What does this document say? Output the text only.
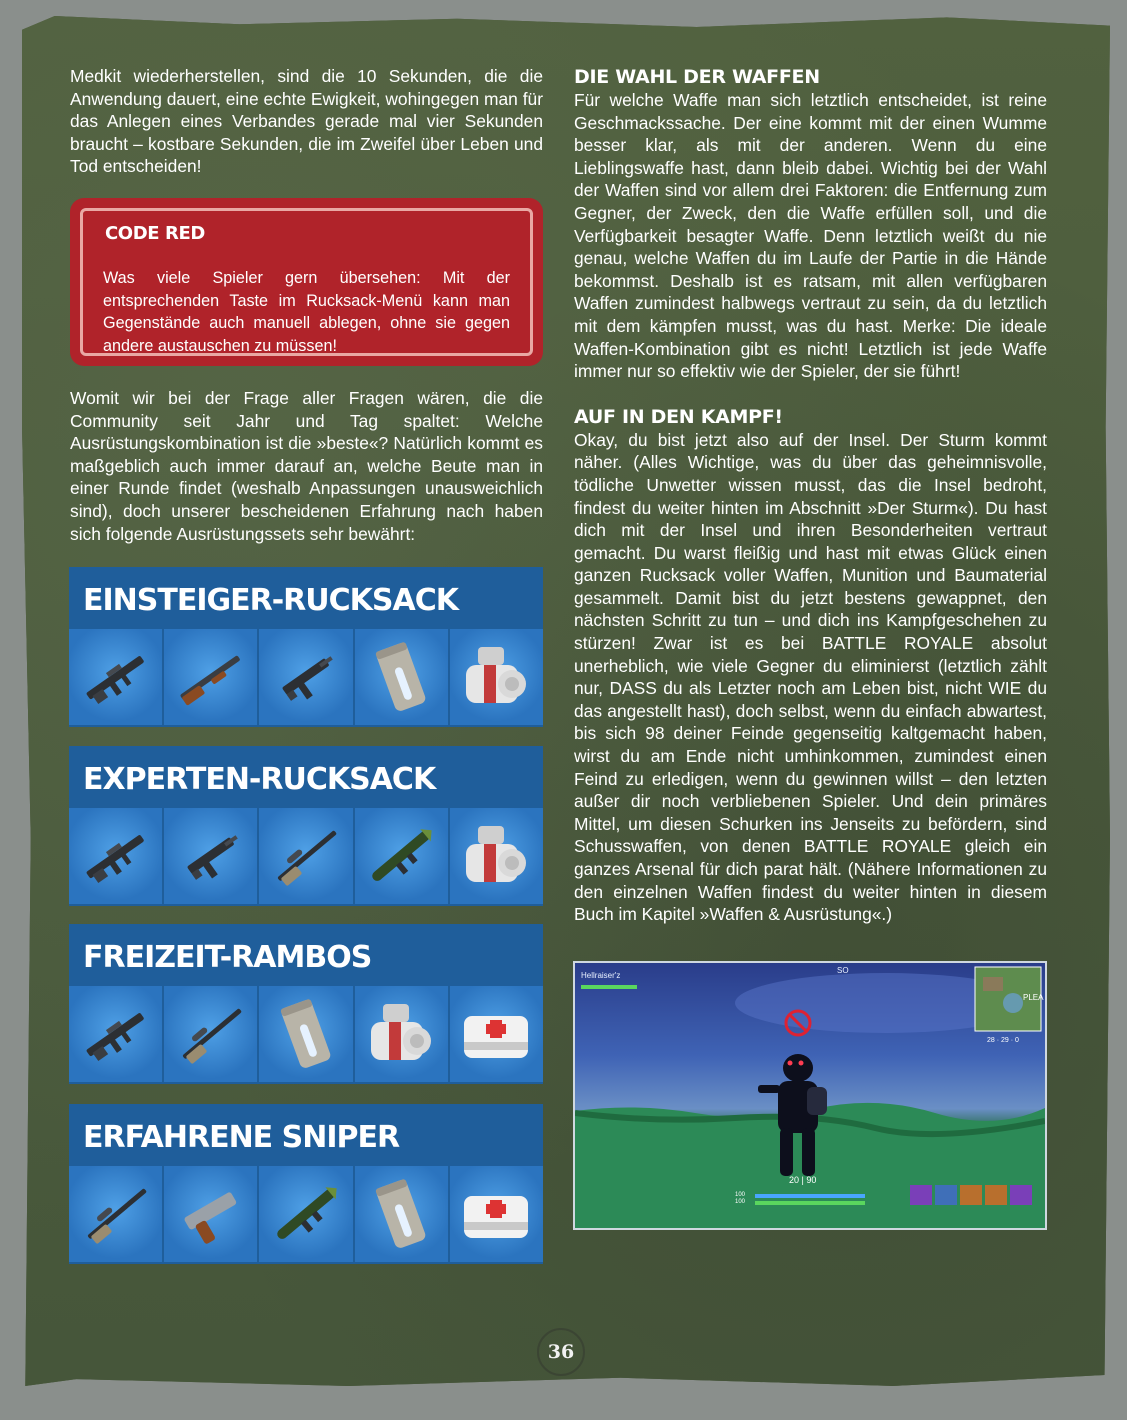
Medkit wiederherstellen, sind die 10 Sekunden, die die Anwendung dauert, eine echte Ewigkeit, wohingegen man für das Anlegen eines Verbandes gerade mal vier Sekunden braucht – kostbare Sekunden, die im Zweifel über Leben und Tod entscheiden!

CODE RED
Was viele Spieler gern übersehen: Mit der entsprechenden Taste im Rucksack-Menü kann man Gegenstände auch manuell ablegen, ohne sie gegen andere austauschen zu müssen!

Womit wir bei der Frage aller Fragen wären, die die Community seit Jahr und Tag spaltet: Welche Ausrüstungskombination ist die »beste«? Natürlich kommt es maßgeblich auch immer darauf an, welche Beute man in einer Runde findet (weshalb Anpassungen unausweichlich sind), doch unserer bescheidenen Erfahrung nach haben sich folgende Ausrüstungssets sehr bewährt:

EINSTEIGER-RUCKSACK
EXPERTEN-RUCKSACK
FREIZEIT-RAMBOS
ERFAHRENE SNIPER
DIE WAHL DER WAFFEN

Für welche Waffe man sich letztlich entscheidet, ist reine Geschmackssache. Der eine kommt mit der einen Wumme besser klar, als mit der anderen. Wenn du eine Lieblingswaffe hast, dann bleib dabei. Wichtig bei der Wahl der Waffen sind vor allem drei Faktoren: die Entfernung zum Gegner, der Zweck, den die Waffe erfüllen soll, und die Verfügbarkeit besagter Waffe. Denn letztlich weißt du nie genau, welche Waffen du im Laufe der Partie in die Hände bekommst. Deshalb ist es ratsam, mit allen verfügbaren Waffen zumindest halbwegs vertraut zu sein, da du letztlich mit dem kämpfen musst, was du hast. Merke: Die ideale Waffen-Kombination gibt es nicht! Letztlich ist jede Waffe immer nur so effektiv wie der Spieler, der sie führt!

AUF IN DEN KAMPF!

Okay, du bist jetzt also auf der Insel. Der Sturm kommt näher. (Alles Wichtige, was du über das geheimnisvolle, tödliche Unwetter wissen musst, das die Insel bedroht, findest du weiter hinten im Abschnitt »Der Sturm«). Du hast dich mit der Insel und ihren Besonderheiten vertraut gemacht. Du warst fleißig und hast mit etwas Glück einen ganzen Rucksack voller Waffen, Munition und Baumaterial gesammelt. Damit bist du jetzt bestens gewappnet, den nächsten Schritt zu tun – und dich ins Kampfgeschehen zu stürzen! Zwar ist es bei BATTLE ROYALE absolut unerheblich, wie viele Gegner du eliminierst (letztlich zählt nur, DASS du als Letzter noch am Leben bist, nicht WIE du das angestellt hast), doch selbst, wenn du einfach abwartest, bis sich 98 deiner Feinde gegenseitig kaltgemacht haben, wirst du am Ende nicht umhinkommen, zumindest einen Feind zu erledigen, wenn du gewinnen willst – den letzten außer dir noch verbliebenen Spieler. Und dein primäres Mittel, um diesen Schurken ins Jenseits zu befördern, sind Schusswaffen, von denen BATTLE ROYALE gleich ein ganzes Arsenal für dich parat hält. (Nähere Informationen zu den einzelnen Waffen findest du weiter hinten in diesem Buch im Kapitel »Waffen & Ausrüstung«.)

Hellraiser'z
SO
PLEA
28 · 29 · 0
20 | 90
100
100
36
